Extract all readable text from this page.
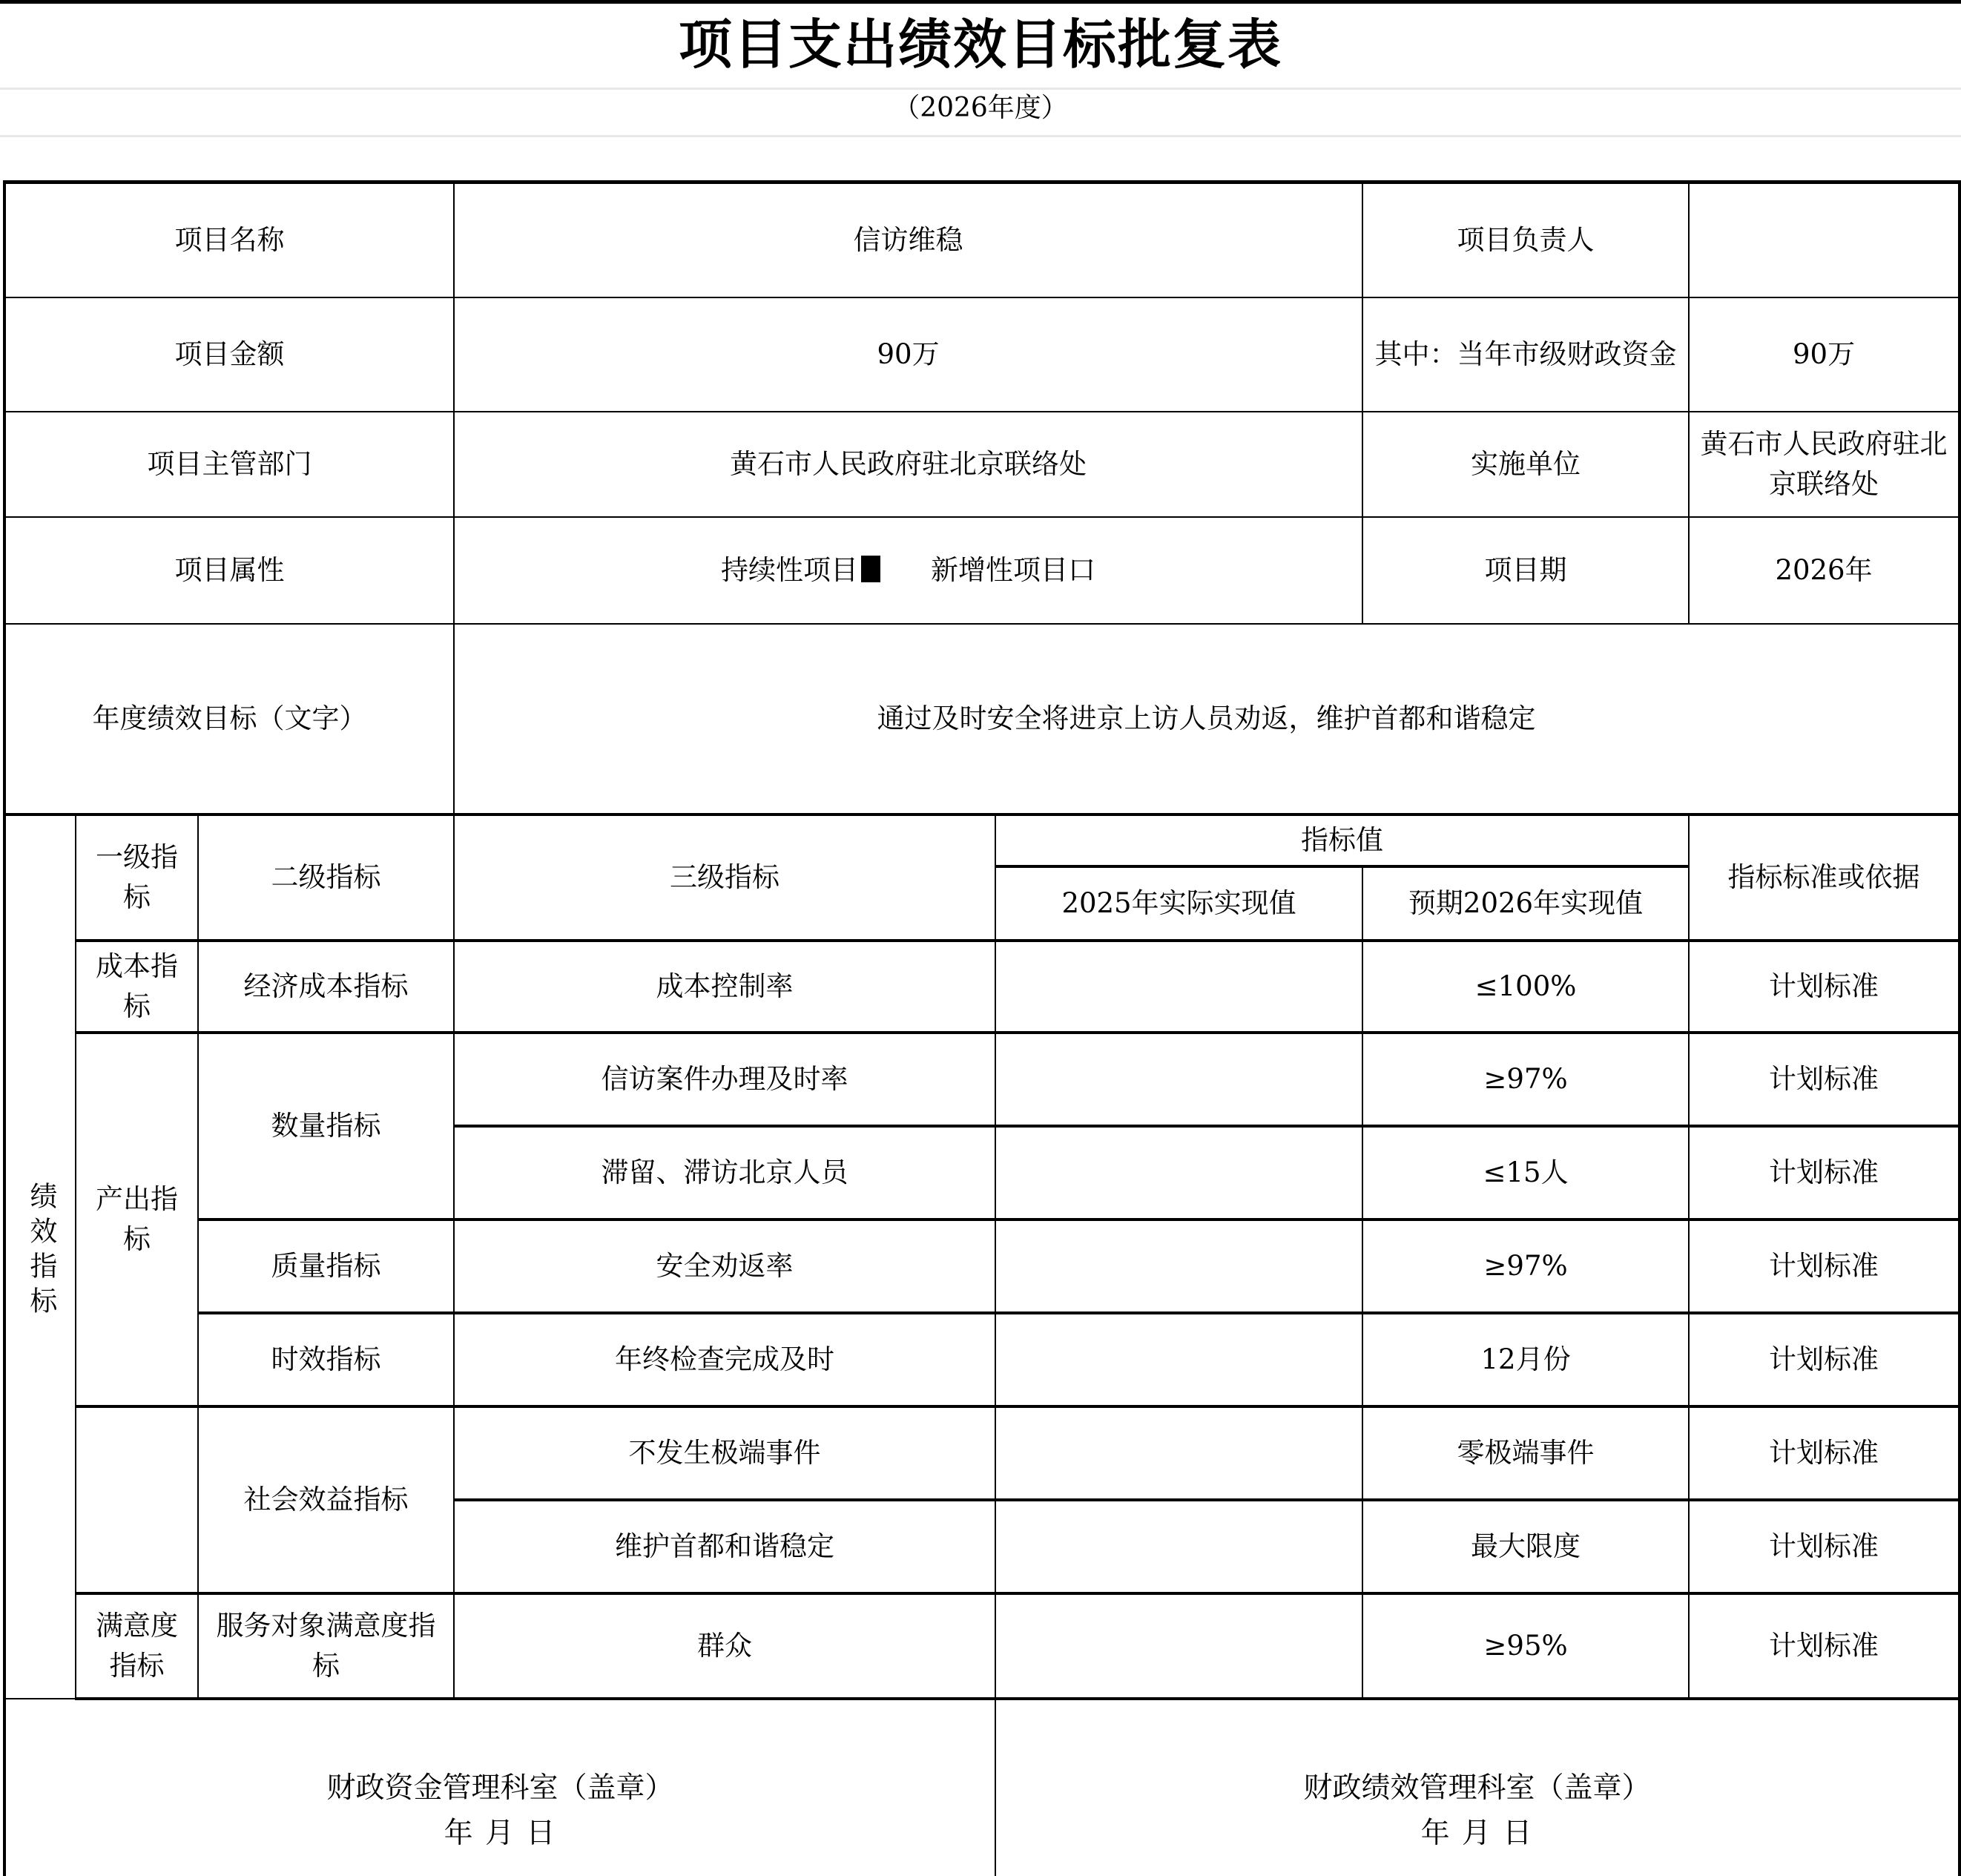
项目支出绩效目标批复表
（2026年度）
项目名称			信访维稳		项目负责人	
项目金额			90万		其中：当年市级财政资金	90万
项目主管部门			黄石市人民政府驻北京联络处		实施单位	黄石市人民政府驻北京联络处
项目属性			持续性项目 新增性项目口		项目期	2026年
年度绩效目标（文字）			通过及时安全将进京上访人员劝返，维护首都和谐稳定			

绩效指标	一级指标	二级指标	三级指标	指标值		指标标准或依据
				2025年实际实现值	预期2026年实现值	
	成本指标	经济成本指标	成本控制率		≤100%	计划标准
	产出指标	数量指标	信访案件办理及时率		≥97%	计划标准
			滞留、滞访北京人员		≤15人	计划标准
		质量指标	安全劝返率		≥97%	计划标准
		时效指标	年终检查完成及时		12月份	计划标准
		社会效益指标	不发生极端事件		零极端事件	计划标准
			维护首都和谐稳定		最大限度	计划标准
	满意度指标	服务对象满意度指标	群众		≥95%	计划标准

财政资金管理科室（盖章）
年 月 日

财政绩效管理科室（盖章）
年 月 日
